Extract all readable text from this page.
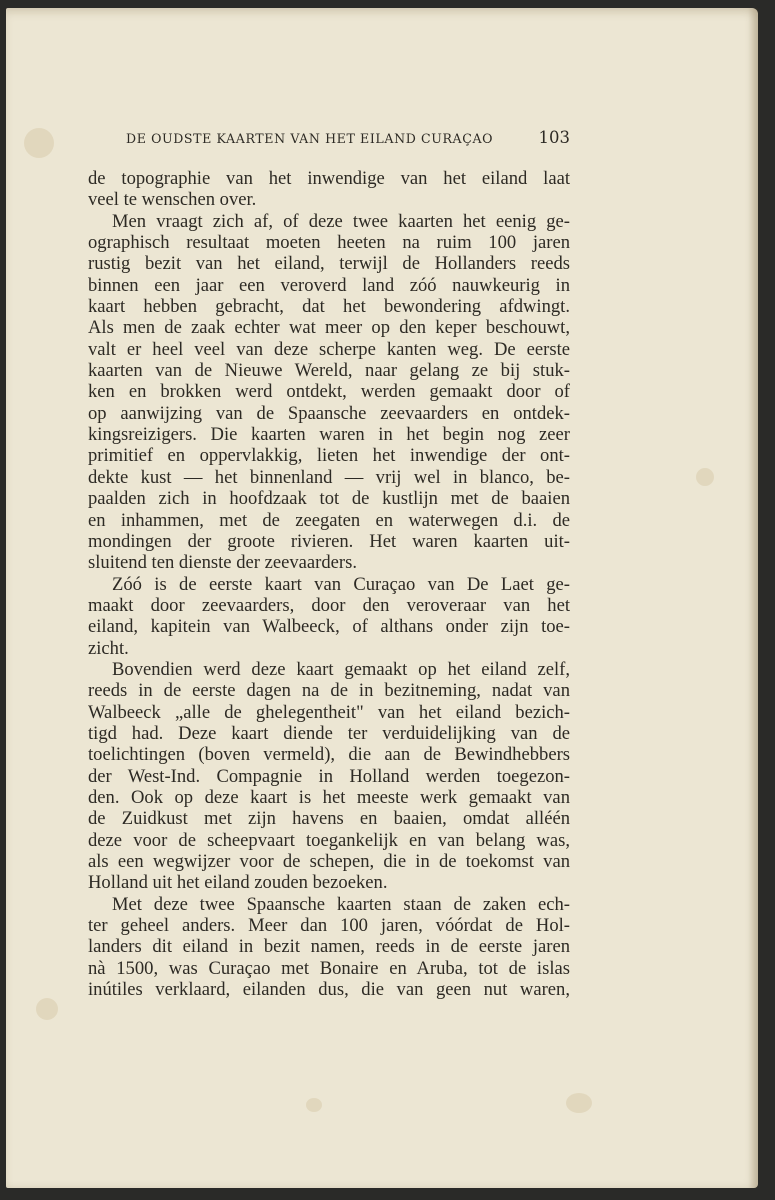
DE OUDSTE KAARTEN VAN HET EILAND CURAÇAO	103
de topographie van het inwendige van het eiland laat
veel te wenschen over.
Men vraagt zich af, of deze twee kaarten het eenig ge-
ographisch resultaat moeten heeten na ruim 100 jaren
rustig bezit van het eiland, terwijl de Hollanders reeds
binnen een jaar een veroverd land zóó nauwkeurig in
kaart hebben gebracht, dat het bewondering afdwingt.
Als men de zaak echter wat meer op den keper beschouwt,
valt er heel veel van deze scherpe kanten weg. De eerste
kaarten van de Nieuwe Wereld, naar gelang ze bij stuk-
ken en brokken werd ontdekt, werden gemaakt door of
op aanwijzing van de Spaansche zeevaarders en ontdek-
kingsreizigers. Die kaarten waren in het begin nog zeer
primitief en oppervlakkig, lieten het inwendige der ont-
dekte kust — het binnenland — vrij wel in blanco, be-
paalden zich in hoofdzaak tot de kustlijn met de baaien
en inhammen, met de zeegaten en waterwegen d.i. de
mondingen der groote rivieren. Het waren kaarten uit-
sluitend ten dienste der zeevaarders.
Zóó is de eerste kaart van Curaçao van De Laet ge-
maakt door zeevaarders, door den veroveraar van het
eiland, kapitein van Walbeeck, of althans onder zijn toe-
zicht.
Bovendien werd deze kaart gemaakt op het eiland zelf,
reeds in de eerste dagen na de in bezitneming, nadat van
Walbeeck „alle de ghelegentheit" van het eiland bezich-
tigd had. Deze kaart diende ter verduidelijking van de
toelichtingen (boven vermeld), die aan de Bewindhebbers
der West-Ind. Compagnie in Holland werden toegezon-
den. Ook op deze kaart is het meeste werk gemaakt van
de Zuidkust met zijn havens en baaien, omdat alléén
deze voor de scheepvaart toegankelijk en van belang was,
als een wegwijzer voor de schepen, die in de toekomst van
Holland uit het eiland zouden bezoeken.
Met deze twee Spaansche kaarten staan de zaken ech-
ter geheel anders. Meer dan 100 jaren, vóórdat de Hol-
landers dit eiland in bezit namen, reeds in de eerste jaren
nà 1500, was Curaçao met Bonaire en Aruba, tot de islas
inútiles verklaard, eilanden dus, die van geen nut waren,
